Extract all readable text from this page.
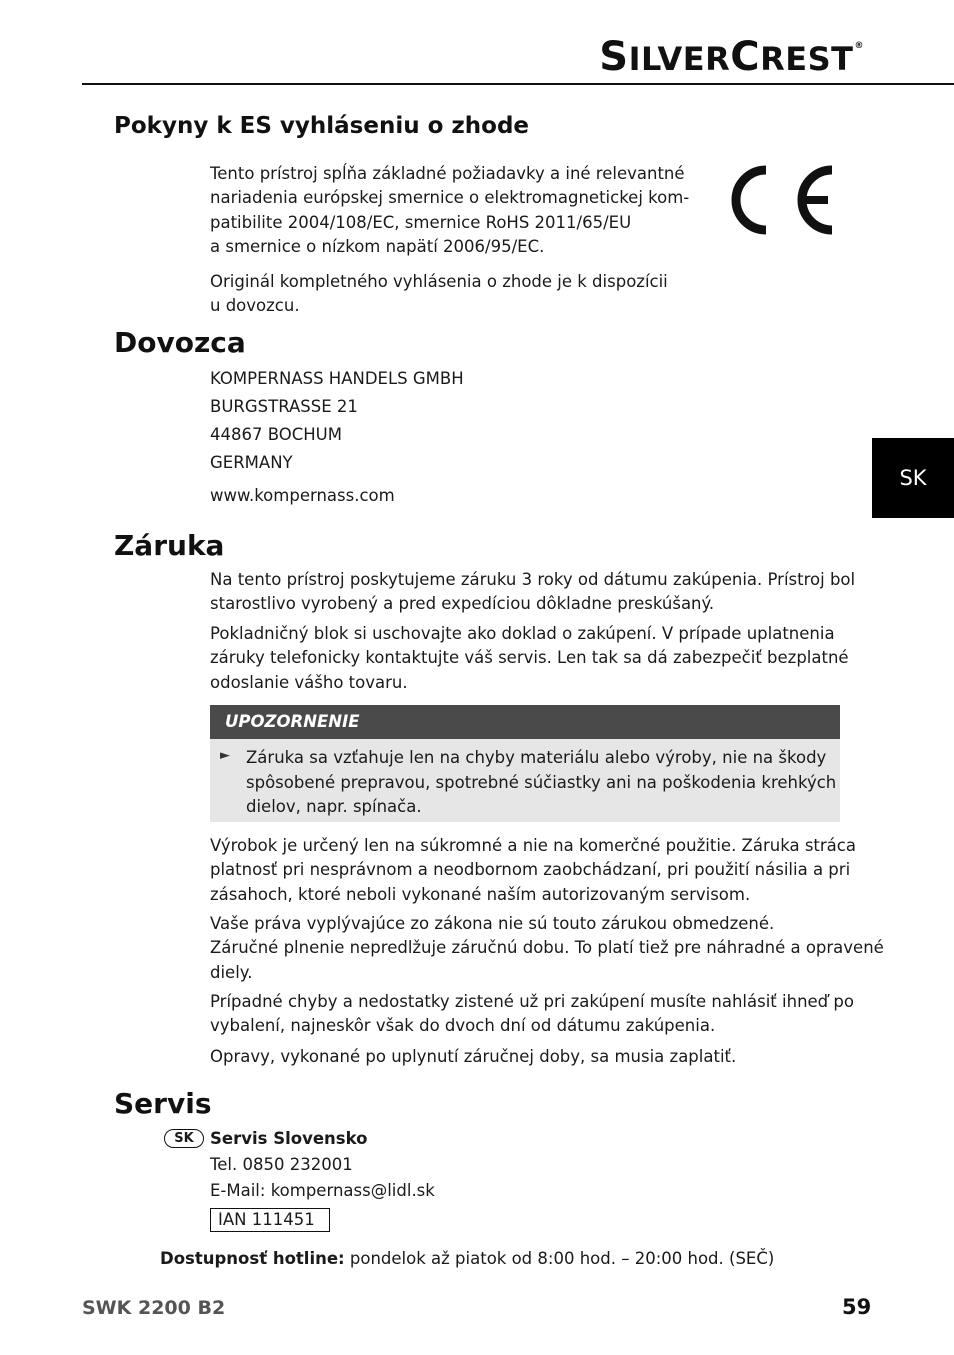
SILVERCREST®
Pokyny k ES vyhláseniu o zhode
Tento prístroj spĺňa základné požiadavky a iné relevantné
nariadenia európskej smernice o elektromagnetickej kom-
patibilite 2004/108/EC, smernice RoHS 2011/65/EU
a smernice o nízkom napätí 2006/95/EC.
Originál kompletného vyhlásenia o zhode je k dispozícii
u dovozcu.
Dovozca
KOMPERNASS HANDELS GMBH
BURGSTRASSE 21
44867 BOCHUM
GERMANY
www.kompernass.com
SK
Záruka
Na tento prístroj poskytujeme záruku 3 roky od dátumu zakúpenia. Prístroj bol
starostlivo vyrobený a pred expedíciou dôkladne preskúšaný.
Pokladničný blok si uschovajte ako doklad o zakúpení. V prípade uplatnenia
záruky telefonicky kontaktujte váš servis. Len tak sa dá zabezpečiť bezplatné
odoslanie vášho tovaru.
UPOZORNENIE
► Záruka sa vzťahuje len na chyby materiálu alebo výroby, nie na škody
spôsobené prepravou, spotrebné súčiastky ani na poškodenia krehkých
dielov, napr. spínača.
Výrobok je určený len na súkromné a nie na komerčné použitie. Záruka stráca
platnosť pri nesprávnom a neodbornom zaobchádzaní, pri použití násilia a pri
zásahoch, ktoré neboli vykonané naším autorizovaným servisom.
Vaše práva vyplývajúce zo zákona nie sú touto zárukou obmedzené.
Záručné plnenie nepredlžuje záručnú dobu. To platí tiež pre náhradné a opravené
diely.
Prípadné chyby a nedostatky zistené už pri zakúpení musíte nahlásiť ihneď po
vybalení, najneskôr však do dvoch dní od dátumu zakúpenia.
Opravy, vykonané po uplynutí záručnej doby, sa musia zaplatiť.
Servis
SK Servis Slovensko
Tel. 0850 232001
E-Mail: kompernass@lidl.sk
IAN 111451
Dostupnosť hotline: pondelok až piatok od 8:00 hod. – 20:00 hod. (SEČ)
SWK 2200 B2	59
